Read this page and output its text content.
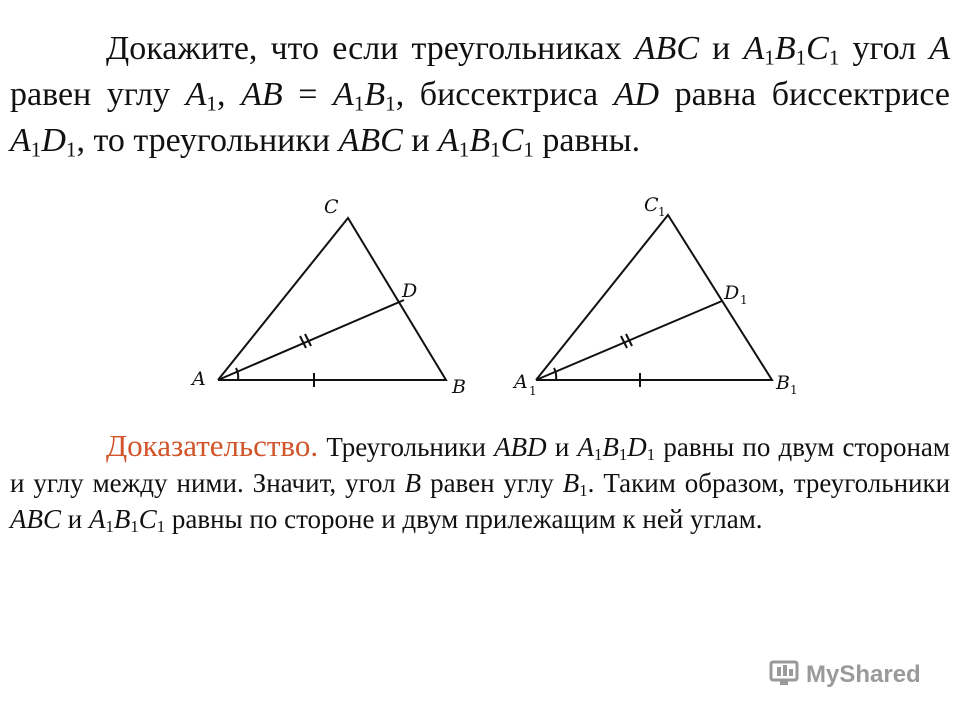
Докажите, что если треугольниках ABC и $A_1B_1C_1$ угол A равен углу $A_1$, AB = $A_1B_1$, биссектриса AD равна биссектрисе $A_1D_1$, то треугольники ABC и $A_1B_1C_1$ равны.

A	B
C
D
A 1	B 1
C 1
D 1

Доказательство. Треугольники ABD и $A_1B_1D_1$ равны по двум сторонам и углу между ними. Значит, угол B равен углу $B_1$. Таким образом, треугольники ABC и $A_1B_1C_1$ равны по стороне и двум прилежащим к ней углам.

MyShared
